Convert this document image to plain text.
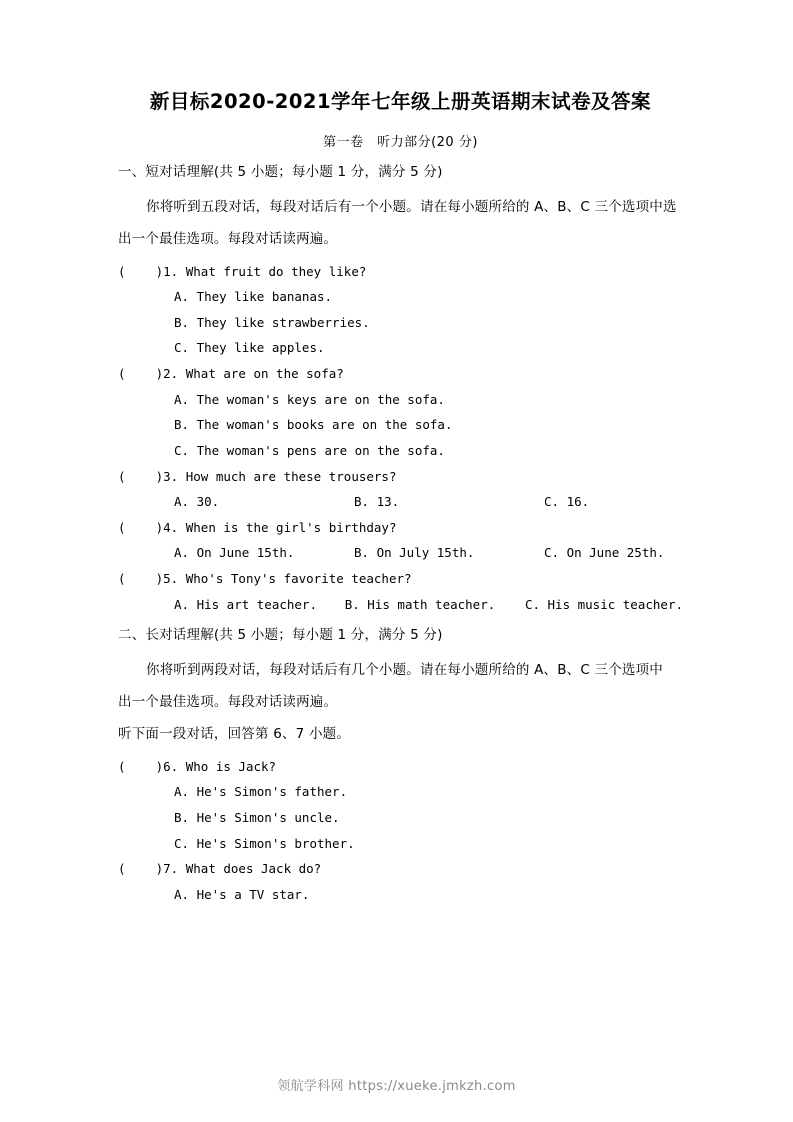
新目标2020-2021学年七年级上册英语期末试卷及答案
第一卷　听力部分(20 分)
一、短对话理解(共 5 小题；每小题 1 分，满分 5 分)
你将听到五段对话，每段对话后有一个小题。请在每小题所给的 A、B、C 三个选项中选
出一个最佳选项。每段对话读两遍。
(    )1. What fruit do they like?
A. They like bananas.
B. They like strawberries.
C. They like apples.
(    )2. What are on the sofa?
A. The woman's keys are on the sofa.
B. The woman's books are on the sofa.
C. The woman's pens are on the sofa.
(    )3. How much are these trousers?
A. 30.	B. 13.	C. 16.
(    )4. When is the girl's birthday?
A. On June 15th.	B. On July 15th.	C. On June 25th.
(    )5. Who's Tony's favorite teacher?
A. His art teacher.	B. His math teacher.	C. His music teacher.
二、长对话理解(共 5 小题；每小题 1 分，满分 5 分)
你将听到两段对话，每段对话后有几个小题。请在每小题所给的 A、B、C 三个选项中
出一个最佳选项。每段对话读两遍。
听下面一段对话，回答第 6、7 小题。
(    )6. Who is Jack?
A. He's Simon's father.
B. He's Simon's uncle.
C. He's Simon's brother.
(    )7. What does Jack do?
A. He's a TV star.
领航学科网 https://xueke.jmkzh.com
